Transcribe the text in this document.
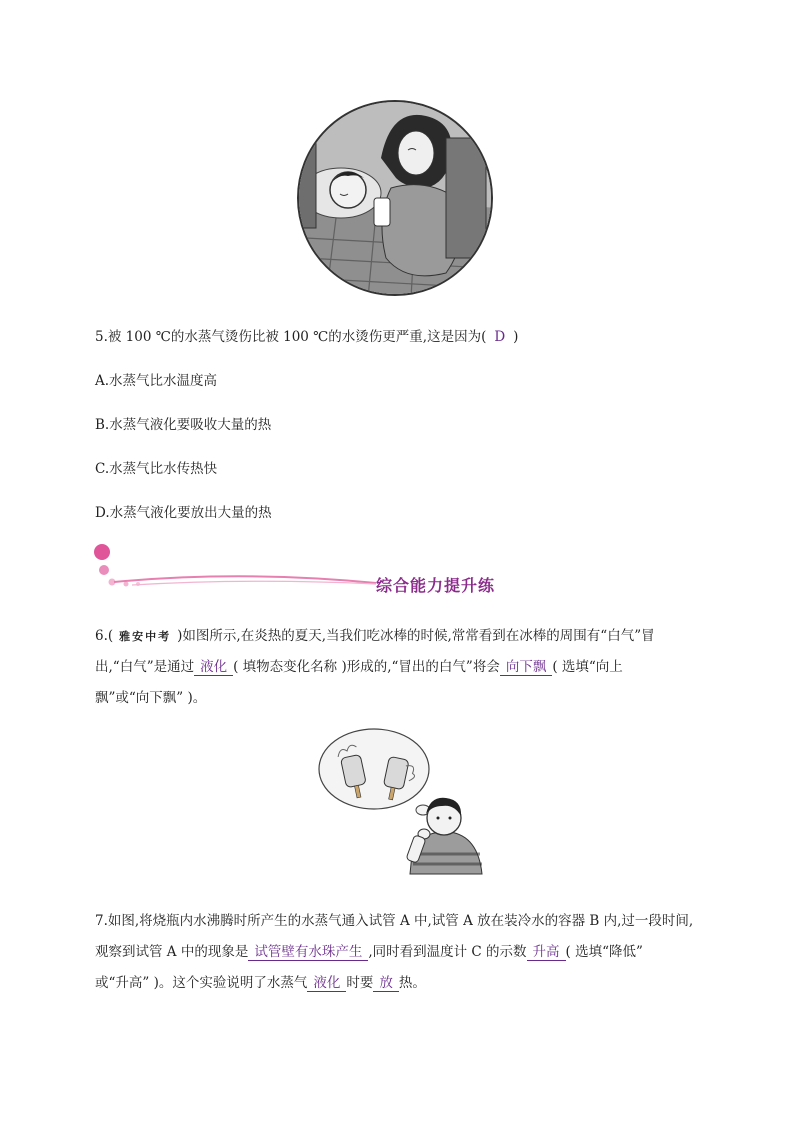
5.被 100 ℃的水蒸气烫伤比被 100 ℃的水烫伤更严重,这是因为( D )
A.水蒸气比水温度高
B.水蒸气液化要吸收大量的热
C.水蒸气比水传热快
D.水蒸气液化要放出大量的热
综合能力提升练
6.( 雅安中考 )如图所示,在炎热的夏天,当我们吃冰棒的时候,常常看到在冰棒的周围有“白气”冒
出,“白气”是通过 液化 ( 填物态变化名称 )形成的,“冒出的白气”将会 向下飘 ( 选填“向上
飘”或“向下飘” )。
7.如图,将烧瓶内水沸腾时所产生的水蒸气通入试管 A 中,试管 A 放在装冷水的容器 B 内,过一段时间,
观察到试管 A 中的现象是 试管壁有水珠产生 ,同时看到温度计 C 的示数 升高 ( 选填“降低”
或“升高” )。这个实验说明了水蒸气 液化 时要 放 热。
